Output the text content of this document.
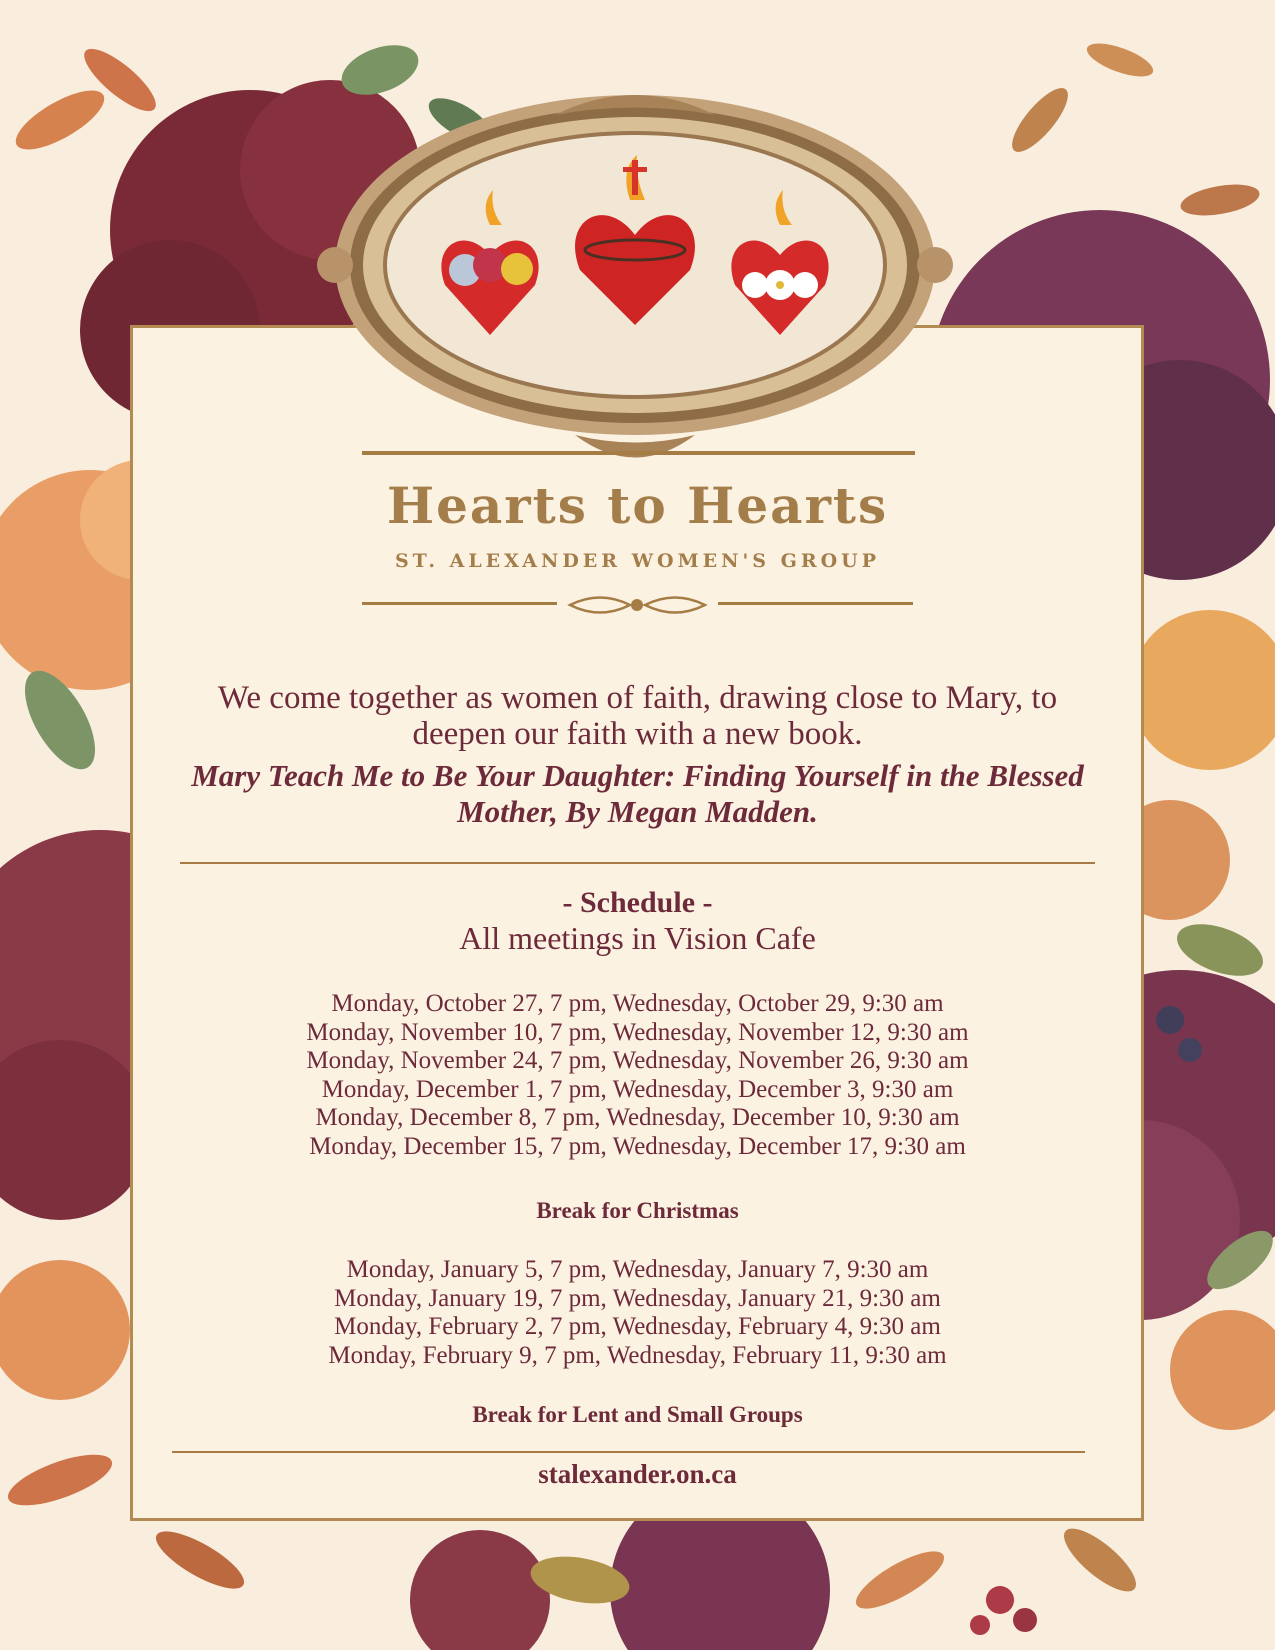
Hearts to Hearts
ST. ALEXANDER WOMEN'S GROUP
We come together as women of faith, drawing close to Mary, to deepen our faith with a new book.
Mary Teach Me to Be Your Daughter: Finding Yourself in the Blessed Mother, By Megan Madden.
- Schedule -
All meetings in Vision Cafe
Monday, October 27, 7 pm, Wednesday, October 29, 9:30 am
Monday, November 10, 7 pm, Wednesday, November 12, 9:30 am
Monday, November 24, 7 pm, Wednesday, November 26, 9:30 am
Monday, December 1, 7 pm, Wednesday, December 3, 9:30 am
Monday, December 8, 7 pm, Wednesday, December 10, 9:30 am
Monday, December 15, 7 pm, Wednesday, December 17, 9:30 am
Break for Christmas
Monday, January 5, 7 pm, Wednesday, January 7, 9:30 am
Monday, January 19, 7 pm, Wednesday, January 21, 9:30 am
Monday, February 2, 7 pm, Wednesday, February 4, 9:30 am
Monday, February 9, 7 pm, Wednesday, February 11, 9:30 am
Break for Lent and Small Groups
stalexander.on.ca
